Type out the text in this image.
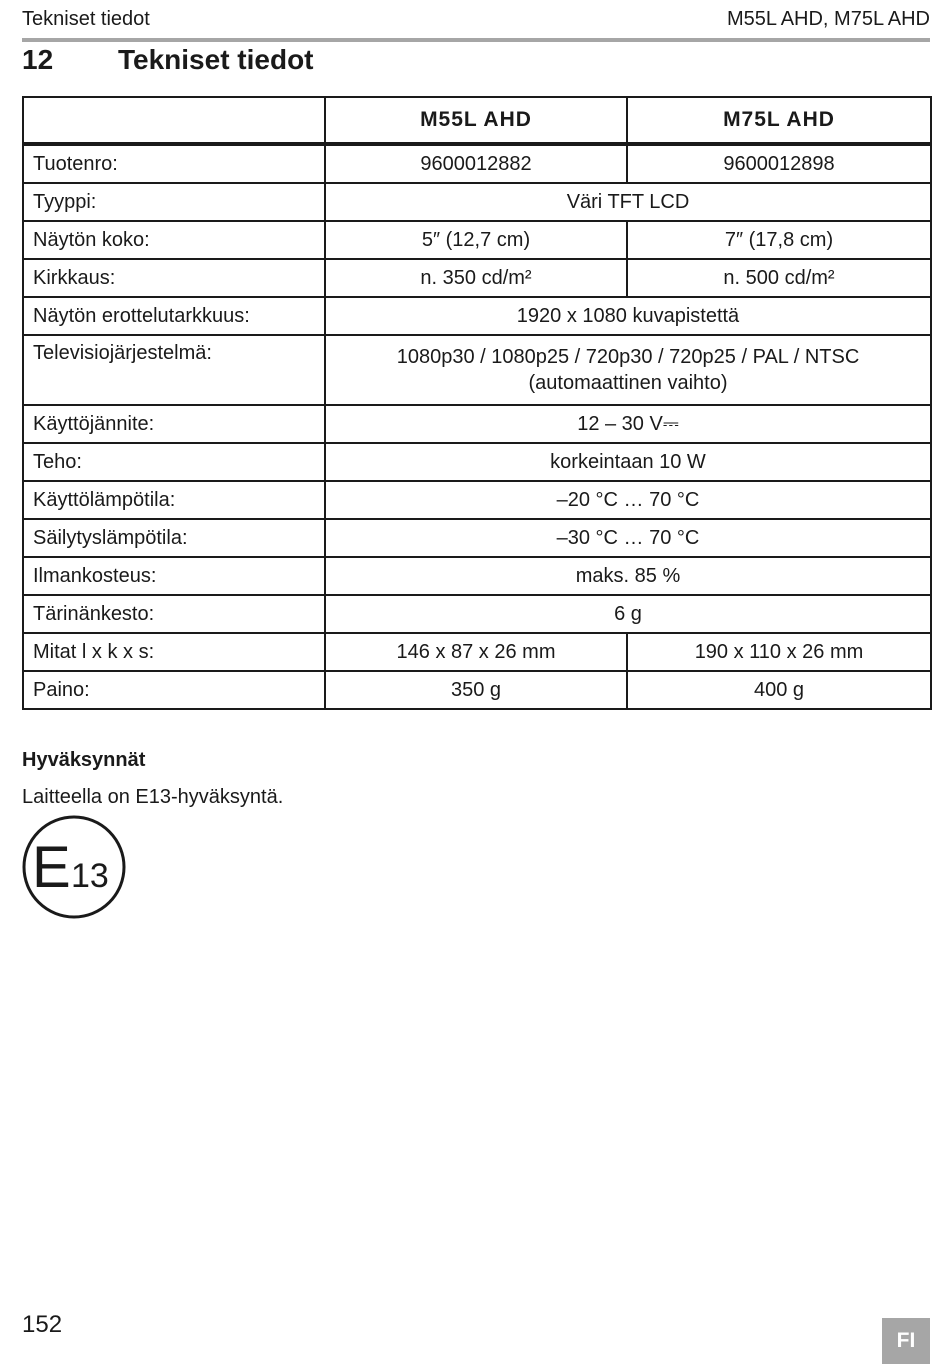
Tekniset tiedot	M55L AHD, M75L AHD
12 Tekniset tiedot
	M55L AHD	M75L AHD
Tuotenro:	9600012882	9600012898
Tyyppi:	Väri TFT LCD	
Näytön koko:	5″ (12,7 cm)	7″ (17,8 cm)
Kirkkaus:	n. 350 cd/m²	n. 500 cd/m²
Näytön erottelutarkkuus:	1920 x 1080 kuvapistettä	
Televisiojärjestelmä:	1080p30 / 1080p25 / 720p30 / 720p25 / PAL / NTSC
(automaattinen vaihto)	

Käyttöjännite:	12 – 30 V⎓	
Teho:	korkeintaan 10 W	
Käyttölämpötila:	–20 °C … 70 °C	
Säilytyslämpötila:	–30 °C … 70 °C	
Ilmankosteus:	maks. 85 %	
Tärinänkesto:	6 g	
Mitat l x k x s:	146 x 87 x 26 mm	190 x 110 x 26 mm
Paino:	350 g	400 g
Hyväksynnät
Laitteella on E13-hyväksyntä.
E 13
152
FI
